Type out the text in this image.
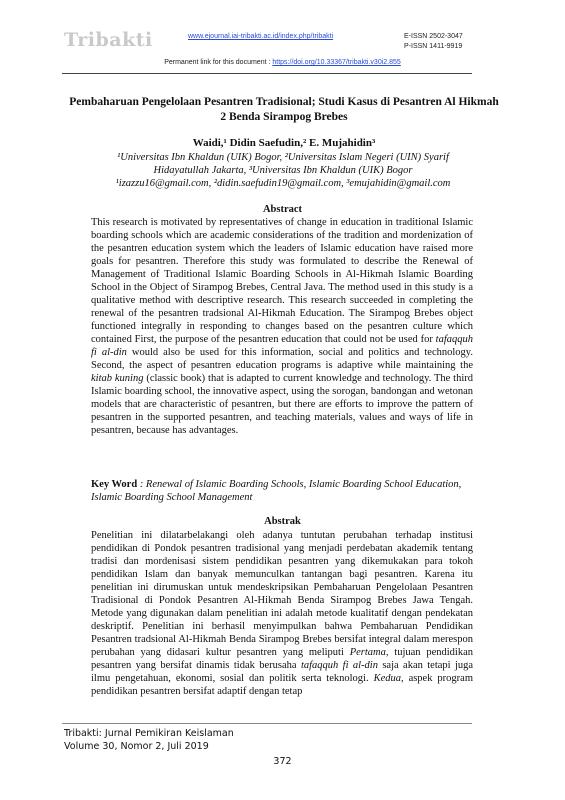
Tribakti	www.ejournal.iai-tribakti.ac.id/index.php/tribakti	E-ISSN 2502-3047
P-ISSN 1411-9919
Permanent link for this document : https://doi.org/10.33367/tribakti.v30i2.855
Pembaharuan Pengelolaan Pesantren Tradisional; Studi Kasus di Pesantren Al Hikmah 2 Benda Sirampog Brebes
Waidi,¹ Didin Saefudin,² E. Mujahidin³
¹Universitas Ibn Khaldun (UIK) Bogor, ²Universitas Islam Negeri (UIN) Syarif
Hidayatullah Jakarta, ³Universitas Ibn Khaldun (UIK) Bogor
¹izazzu16@gmail.com, ²didin.saefudin19@gmail.com, ³emujahidin@gmail.com
Abstract

This research is motivated by representatives of change in education in traditional Islamic boarding schools which are academic considerations of the tradition and mordenization of the pesantren education system which the leaders of Islamic education have raised more goals for pesantren. Therefore this study was formulated to describe the Renewal of Management of Traditional Islamic Boarding Schools in Al-Hikmah Islamic Boarding School in the Object of Sirampog Brebes, Central Java. The method used in this study is a qualitative method with descriptive research. This research succeeded in completing the renewal of the pesantren tradsional Al-Hikmah Education. The Sirampog Brebes object functioned integrally in responding to changes based on the pesantren culture which contained First, the purpose of the pesantren education that could not be used for tafaqquh fi al-din would also be used for this information, social and politics and technology. Second, the aspect of pesantren education programs is adaptive while maintaining the kitab kuning (classic book) that is adapted to current knowledge and technology. The third Islamic boarding school, the innovative aspect, using the sorogan, bandongan and wetonan models that are characteristic of pesantren, but there are efforts to improve the pattern of pesantren in the supported pesantren, and teaching materials, values and ways of life in pesantren, because has advantages.

Key Word : Renewal of Islamic Boarding Schools, Islamic Boarding School Education, Islamic Boarding School Management

Abstrak

Penelitian ini dilatarbelakangi oleh adanya tuntutan perubahan terhadap institusi pendidikan di Pondok pesantren tradisional yang menjadi perdebatan akademik tentang tradisi dan mordenisasi sistem pendidikan pesantren yang dikemukakan para tokoh pendidikan Islam dan banyak memunculkan tantangan bagi pesantren. Karena itu penelitian ini dirumuskan untuk mendeskripsikan Pembaharuan Pengelolaan Pesantren Tradisional di Pondok Pesantren Al-Hikmah Benda Sirampog Brebes Jawa Tengah. Metode yang digunakan dalam penelitian ini adalah metode kualitatif dengan pendekatan deskriptif. Penelitian ini berhasil menyimpulkan bahwa Pembaharuan Pendidikan Pesantren tradsional Al-Hikmah Benda Sirampog Brebes bersifat integral dalam merespon perubahan yang didasari kultur pesantren yang meliputi Pertama, tujuan pendidikan pesantren yang bersifat dinamis tidak berusaha tafaqquh fi al-din saja akan tetapi juga ilmu pengetahuan, ekonomi, sosial dan politik serta teknologi. Kedua, aspek program pendidikan pesantren bersifat adaptif dengan tetap

Tribakti: Jurnal Pemikiran Keislaman
Volume 30, Nomor 2, Juli 2019
372
